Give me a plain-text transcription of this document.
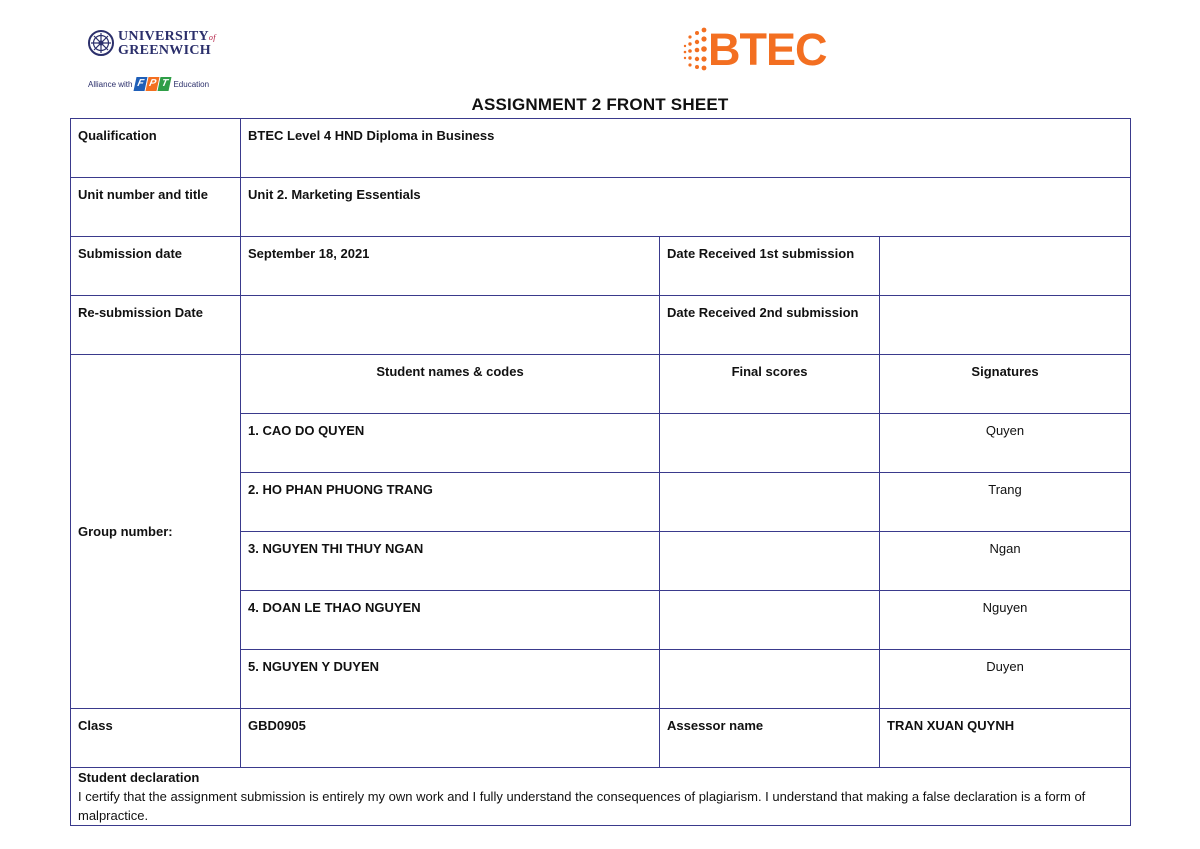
UNIVERSITYof
GREENWICH
Alliance with F P T Education
BTEC
ASSIGNMENT 2 FRONT SHEET
Qualification	BTEC Level 4 HND Diploma in Business		
Unit number and title	Unit 2. Marketing Essentials		
Submission date	September 18, 2021	Date Received 1st submission	
Re-submission Date		Date Received 2nd submission	
Group number:	Student names & codes	Final scores	Signatures
	1. CAO DO QUYEN		Quyen
	2. HO PHAN PHUONG TRANG		Trang
	3. NGUYEN THI THUY NGAN		Ngan
	4. DOAN LE THAO NGUYEN		Nguyen
	5. NGUYEN Y DUYEN		Duyen
Class	GBD0905	Assessor name	TRAN XUAN QUYNH

Student declaration
I certify that the assignment submission is entirely my own work and I fully understand the consequences of plagiarism. I understand that making a false declaration is a form of malpractice.			
